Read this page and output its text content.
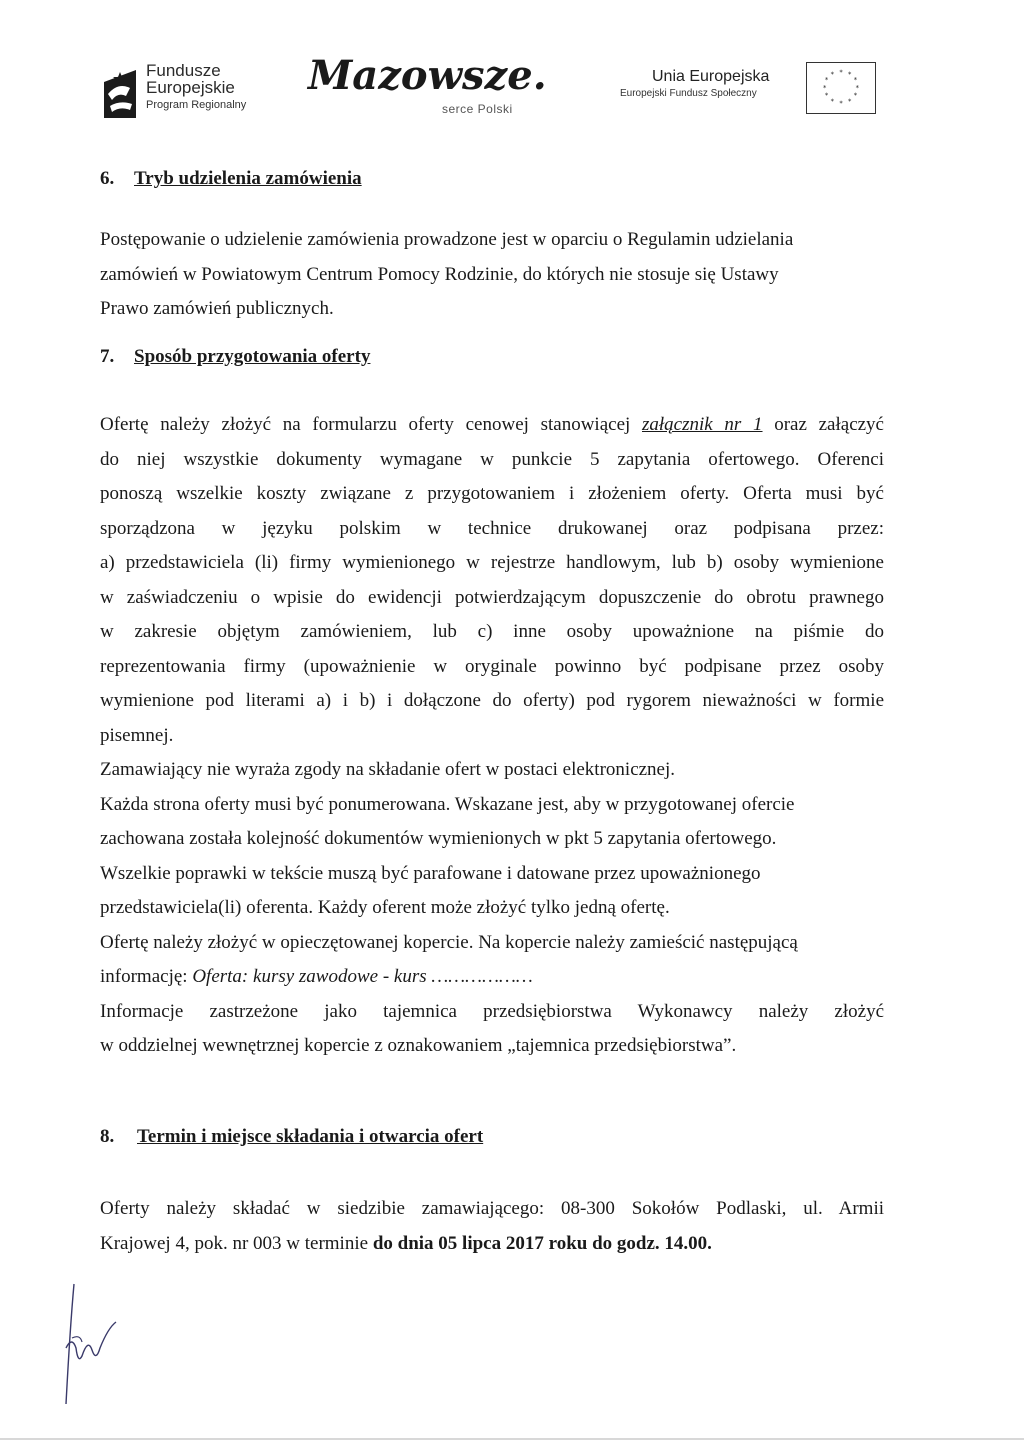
Fundusze
Europejskie
Program Regionalny
Mazowsze.
serce Polski
Unia Europejska
Europejski Fundusz Społeczny
* *
*
*
*
*
*
*
*
*
*
*
6. Tryb udzielenia zamówienia
Postępowanie o udzielenie zamówienia prowadzone jest w oparciu o Regulamin udzielania
zamówień w Powiatowym Centrum Pomocy Rodzinie, do których nie stosuje się Ustawy
Prawo zamówień publicznych.
7. Sposób przygotowania oferty
Ofertę należy złożyć na formularzu oferty cenowej stanowiącej załącznik nr 1 oraz załączyć
do niej wszystkie dokumenty wymagane w punkcie 5 zapytania ofertowego. Oferenci
ponoszą wszelkie koszty związane z przygotowaniem i złożeniem oferty. Oferta musi być
sporządzona w języku polskim w technice drukowanej oraz podpisana przez:
a) przedstawiciela (li) firmy wymienionego w rejestrze handlowym, lub b) osoby wymienione
w zaświadczeniu o wpisie do ewidencji potwierdzającym dopuszczenie do obrotu prawnego
w zakresie objętym zamówieniem, lub c) inne osoby upoważnione na piśmie do
reprezentowania firmy (upoważnienie w oryginale powinno być podpisane przez osoby
wymienione pod literami a) i b) i dołączone do oferty) pod rygorem nieważności w formie
pisemnej.
Zamawiający nie wyraża zgody na składanie ofert w postaci elektronicznej.
Każda strona oferty musi być ponumerowana. Wskazane jest, aby w przygotowanej ofercie
zachowana została kolejność dokumentów wymienionych w pkt 5 zapytania ofertowego.
Wszelkie poprawki w tekście muszą być parafowane i datowane przez upoważnionego
przedstawiciela(li) oferenta. Każdy oferent może złożyć tylko jedną ofertę.
Ofertę należy złożyć w opieczętowanej kopercie. Na kopercie należy zamieścić następującą
informację: Oferta: kursy zawodowe - kurs ………………
Informacje zastrzeżone jako tajemnica przedsiębiorstwa Wykonawcy należy złożyć
w oddzielnej wewnętrznej kopercie z oznakowaniem „tajemnica przedsiębiorstwa”.
8. Termin i miejsce składania i otwarcia ofert
Oferty należy składać w siedzibie zamawiającego: 08-300 Sokołów Podlaski, ul. Armii
Krajowej 4, pok. nr 003 w terminie do dnia 05 lipca 2017 roku do godz. 14.00.
